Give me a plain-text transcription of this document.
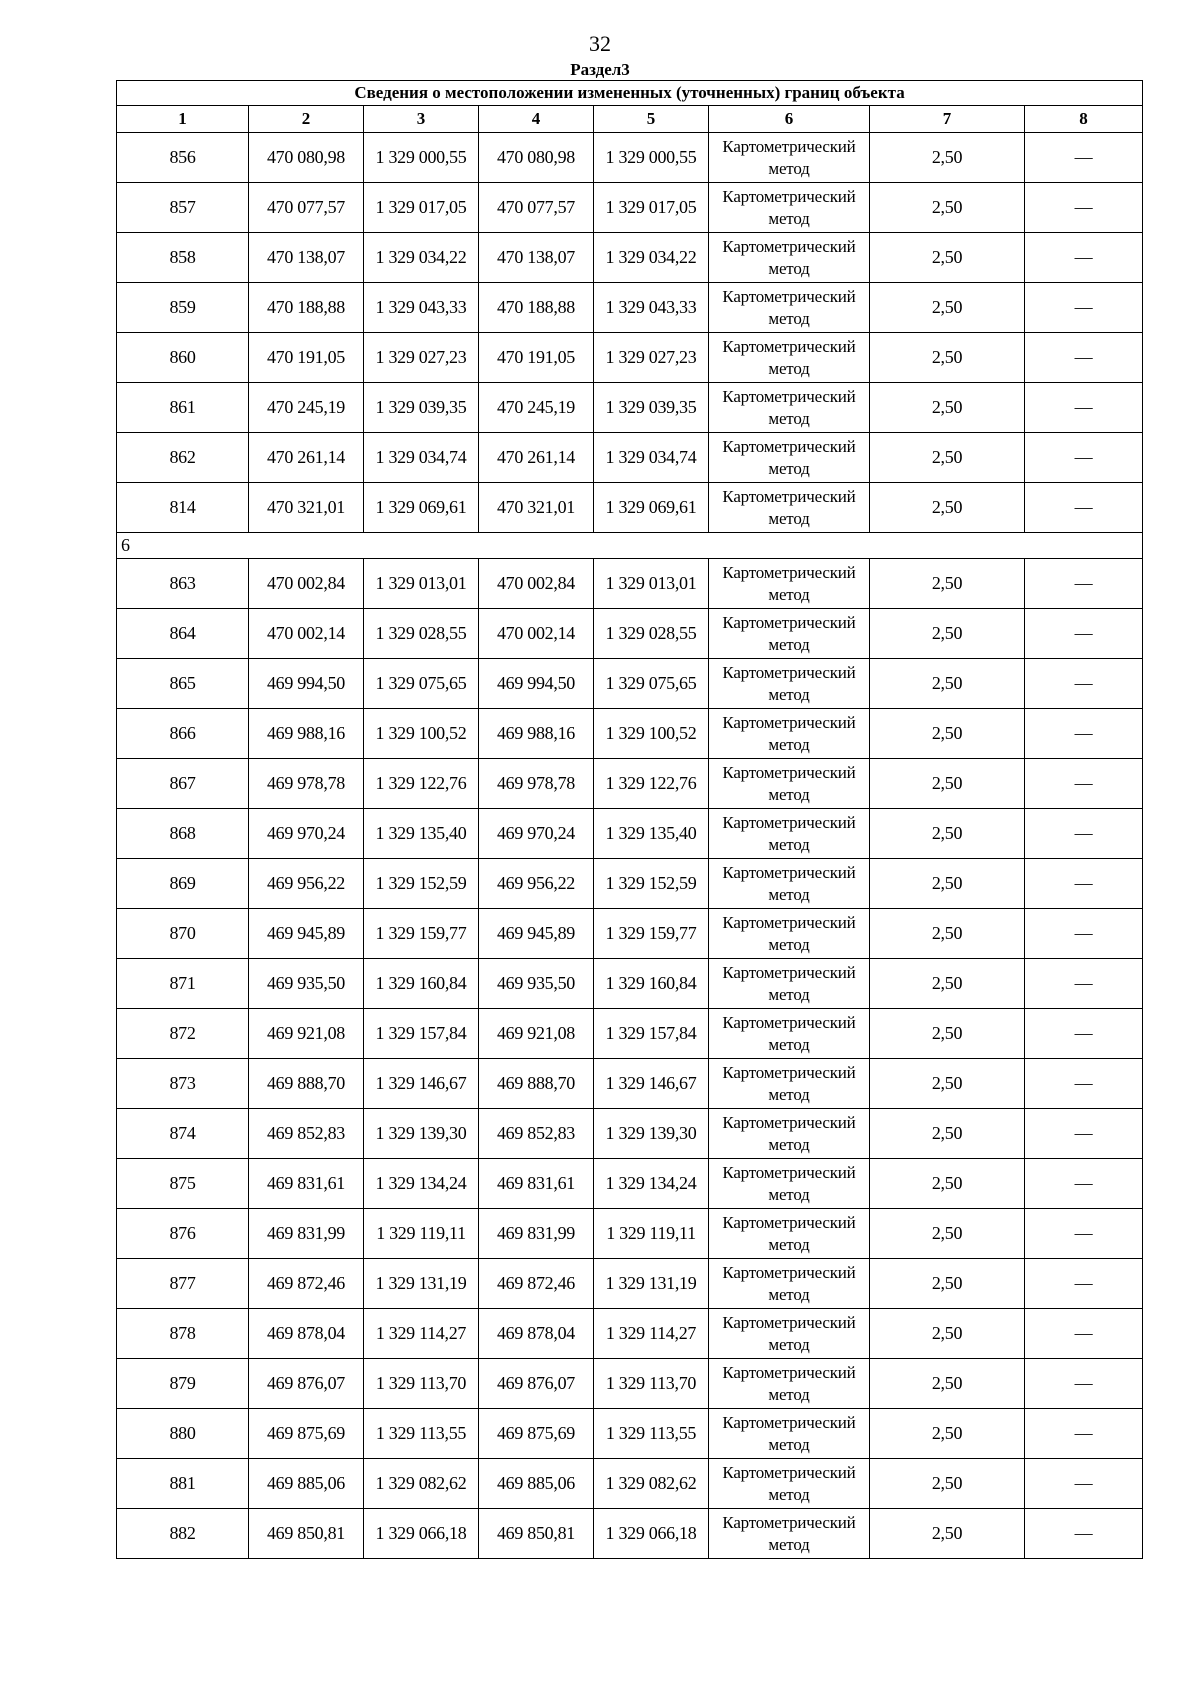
32
Раздел3
Сведения о местоположении измененных (уточненных) границ объекта							
1	2	3	4	5	6	7	8
856	470 080,98	1 329 000,55	470 080,98	1 329 000,55	Картометрический метод	2,50	—
857	470 077,57	1 329 017,05	470 077,57	1 329 017,05	Картометрический метод	2,50	—
858	470 138,07	1 329 034,22	470 138,07	1 329 034,22	Картометрический метод	2,50	—
859	470 188,88	1 329 043,33	470 188,88	1 329 043,33	Картометрический метод	2,50	—
860	470 191,05	1 329 027,23	470 191,05	1 329 027,23	Картометрический метод	2,50	—
861	470 245,19	1 329 039,35	470 245,19	1 329 039,35	Картометрический метод	2,50	—
862	470 261,14	1 329 034,74	470 261,14	1 329 034,74	Картометрический метод	2,50	—
814	470 321,01	1 329 069,61	470 321,01	1 329 069,61	Картометрический метод	2,50	—
6							
863	470 002,84	1 329 013,01	470 002,84	1 329 013,01	Картометрический метод	2,50	—
864	470 002,14	1 329 028,55	470 002,14	1 329 028,55	Картометрический метод	2,50	—
865	469 994,50	1 329 075,65	469 994,50	1 329 075,65	Картометрический метод	2,50	—
866	469 988,16	1 329 100,52	469 988,16	1 329 100,52	Картометрический метод	2,50	—
867	469 978,78	1 329 122,76	469 978,78	1 329 122,76	Картометрический метод	2,50	—
868	469 970,24	1 329 135,40	469 970,24	1 329 135,40	Картометрический метод	2,50	—
869	469 956,22	1 329 152,59	469 956,22	1 329 152,59	Картометрический метод	2,50	—
870	469 945,89	1 329 159,77	469 945,89	1 329 159,77	Картометрический метод	2,50	—
871	469 935,50	1 329 160,84	469 935,50	1 329 160,84	Картометрический метод	2,50	—
872	469 921,08	1 329 157,84	469 921,08	1 329 157,84	Картометрический метод	2,50	—
873	469 888,70	1 329 146,67	469 888,70	1 329 146,67	Картометрический метод	2,50	—
874	469 852,83	1 329 139,30	469 852,83	1 329 139,30	Картометрический метод	2,50	—
875	469 831,61	1 329 134,24	469 831,61	1 329 134,24	Картометрический метод	2,50	—
876	469 831,99	1 329 119,11	469 831,99	1 329 119,11	Картометрический метод	2,50	—
877	469 872,46	1 329 131,19	469 872,46	1 329 131,19	Картометрический метод	2,50	—
878	469 878,04	1 329 114,27	469 878,04	1 329 114,27	Картометрический метод	2,50	—
879	469 876,07	1 329 113,70	469 876,07	1 329 113,70	Картометрический метод	2,50	—
880	469 875,69	1 329 113,55	469 875,69	1 329 113,55	Картометрический метод	2,50	—
881	469 885,06	1 329 082,62	469 885,06	1 329 082,62	Картометрический метод	2,50	—
882	469 850,81	1 329 066,18	469 850,81	1 329 066,18	Картометрический метод	2,50	—
